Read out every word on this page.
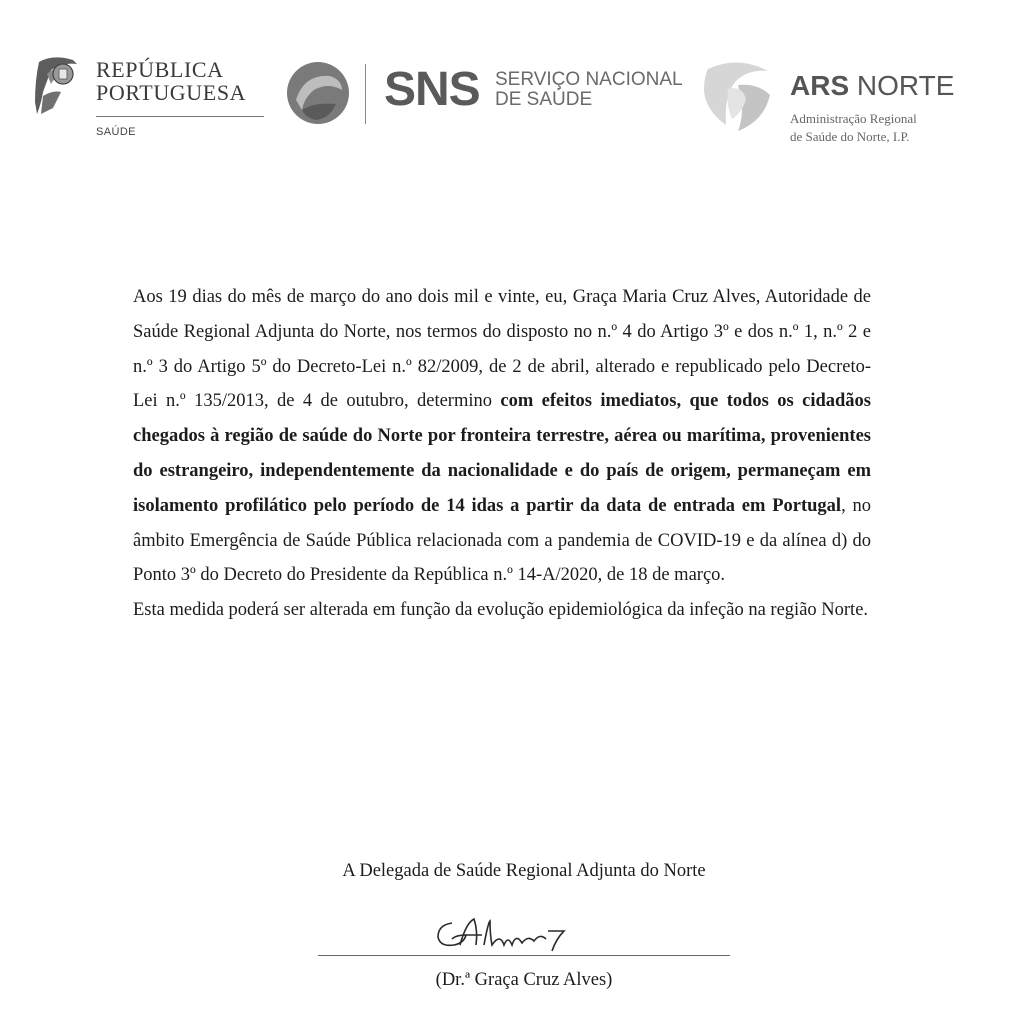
REPÚBLICA
PORTUGUESA
SAÚDE
SNS SERVIÇO NACIONAL
DE SAÚDE	ARS NORTE
Administração Regional
de Saúde do Norte, I.P.

Aos 19 dias do mês de março do ano dois mil e vinte, eu, Graça Maria Cruz Alves, Autoridade de Saúde Regional Adjunta do Norte, nos termos do disposto no n.º 4 do Artigo 3º e dos n.º 1, n.º 2 e n.º 3 do Artigo 5º do Decreto-Lei n.º 82/2009, de 2 de abril, alterado e republicado pelo Decreto-Lei n.º 135/2013, de 4 de outubro, determino com efeitos imediatos, que todos os cidadãos chegados à região de saúde do Norte por fronteira terrestre, aérea ou marítima, provenientes do estrangeiro, independentemente da nacionalidade e do país de origem, permaneçam em isolamento profilático pelo período de 14 idas a partir da data de entrada em Portugal, no âmbito Emergência de Saúde Pública relacionada com a pandemia de COVID-19 e da alínea d) do Ponto 3º do Decreto do Presidente da República n.º 14-A/2020, de 18 de março.

Esta medida poderá ser alterada em função da evolução epidemiológica da infeção na região Norte.

A Delegada de Saúde Regional Adjunta do Norte
(Dr.ª Graça Cruz Alves)
